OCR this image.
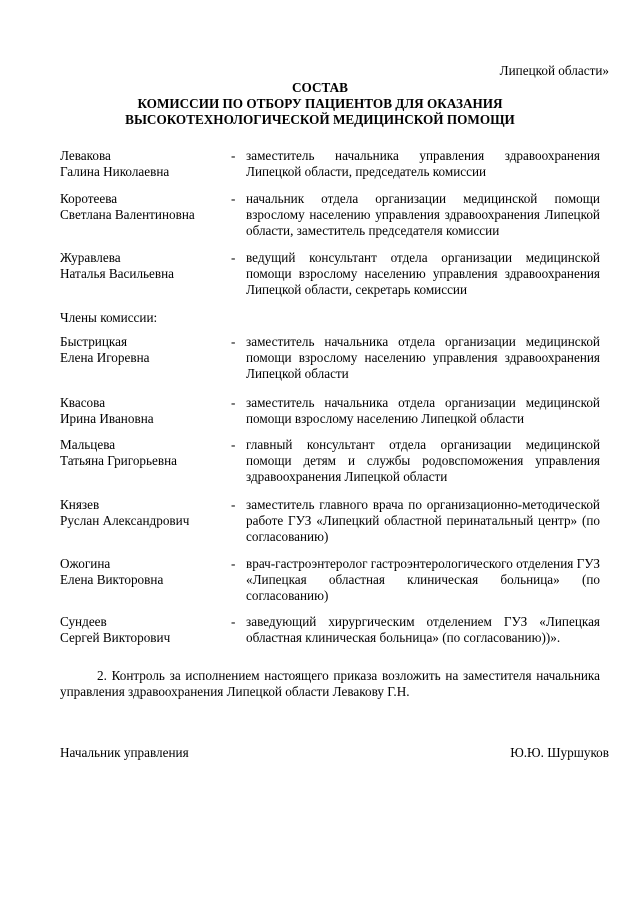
Липецкой области»
СОСТАВ
КОМИССИИ ПО ОТБОРУ ПАЦИЕНТОВ ДЛЯ ОКАЗАНИЯ
ВЫСОКОТЕХНОЛОГИЧЕСКОЙ МЕДИЦИНСКОЙ ПОМОЩИ
Левакова
Галина Николаевна
- заместитель начальника управления здравоохранения Липецкой области, председатель комиссии
Коротеева
Светлана Валентиновна
- начальник отдела организации медицинской помощи взрослому населению управления здравоохранения Липецкой области, заместитель председателя комиссии
Журавлева
Наталья Васильевна
- ведущий консультант отдела организации медицинской помощи взрослому населению управления здравоохранения Липецкой области, секретарь комиссии
Члены комиссии:
Быстрицкая
Елена Игоревна
- заместитель начальника отдела организации медицинской помощи взрослому населению управления здравоохранения Липецкой области
Квасова
Ирина Ивановна
- заместитель начальника отдела организации медицинской помощи взрослому населению Липецкой области
Мальцева
Татьяна Григорьевна
- главный консультант отдела организации медицинской помощи детям и службы родовспоможения управления здравоохранения Липецкой области
Князев
Руслан Александрович
- заместитель главного врача по организационно-методической работе ГУЗ «Липецкий областной перинатальный центр» (по согласованию)
Ожогина
Елена Викторовна
- врач-гастроэнтеролог гастроэнтерологического отделения ГУЗ «Липецкая областная клиническая больница» (по согласованию)
Сундеев
Сергей Викторович
- заведующий хирургическим отделением ГУЗ «Липецкая областная клиническая больница» (по согласованию))».
2. Контроль за исполнением настоящего приказа возложить на заместителя начальника управления здравоохранения Липецкой области Левакову Г.Н.
Начальник управления	Ю.Ю. Шуршуков
